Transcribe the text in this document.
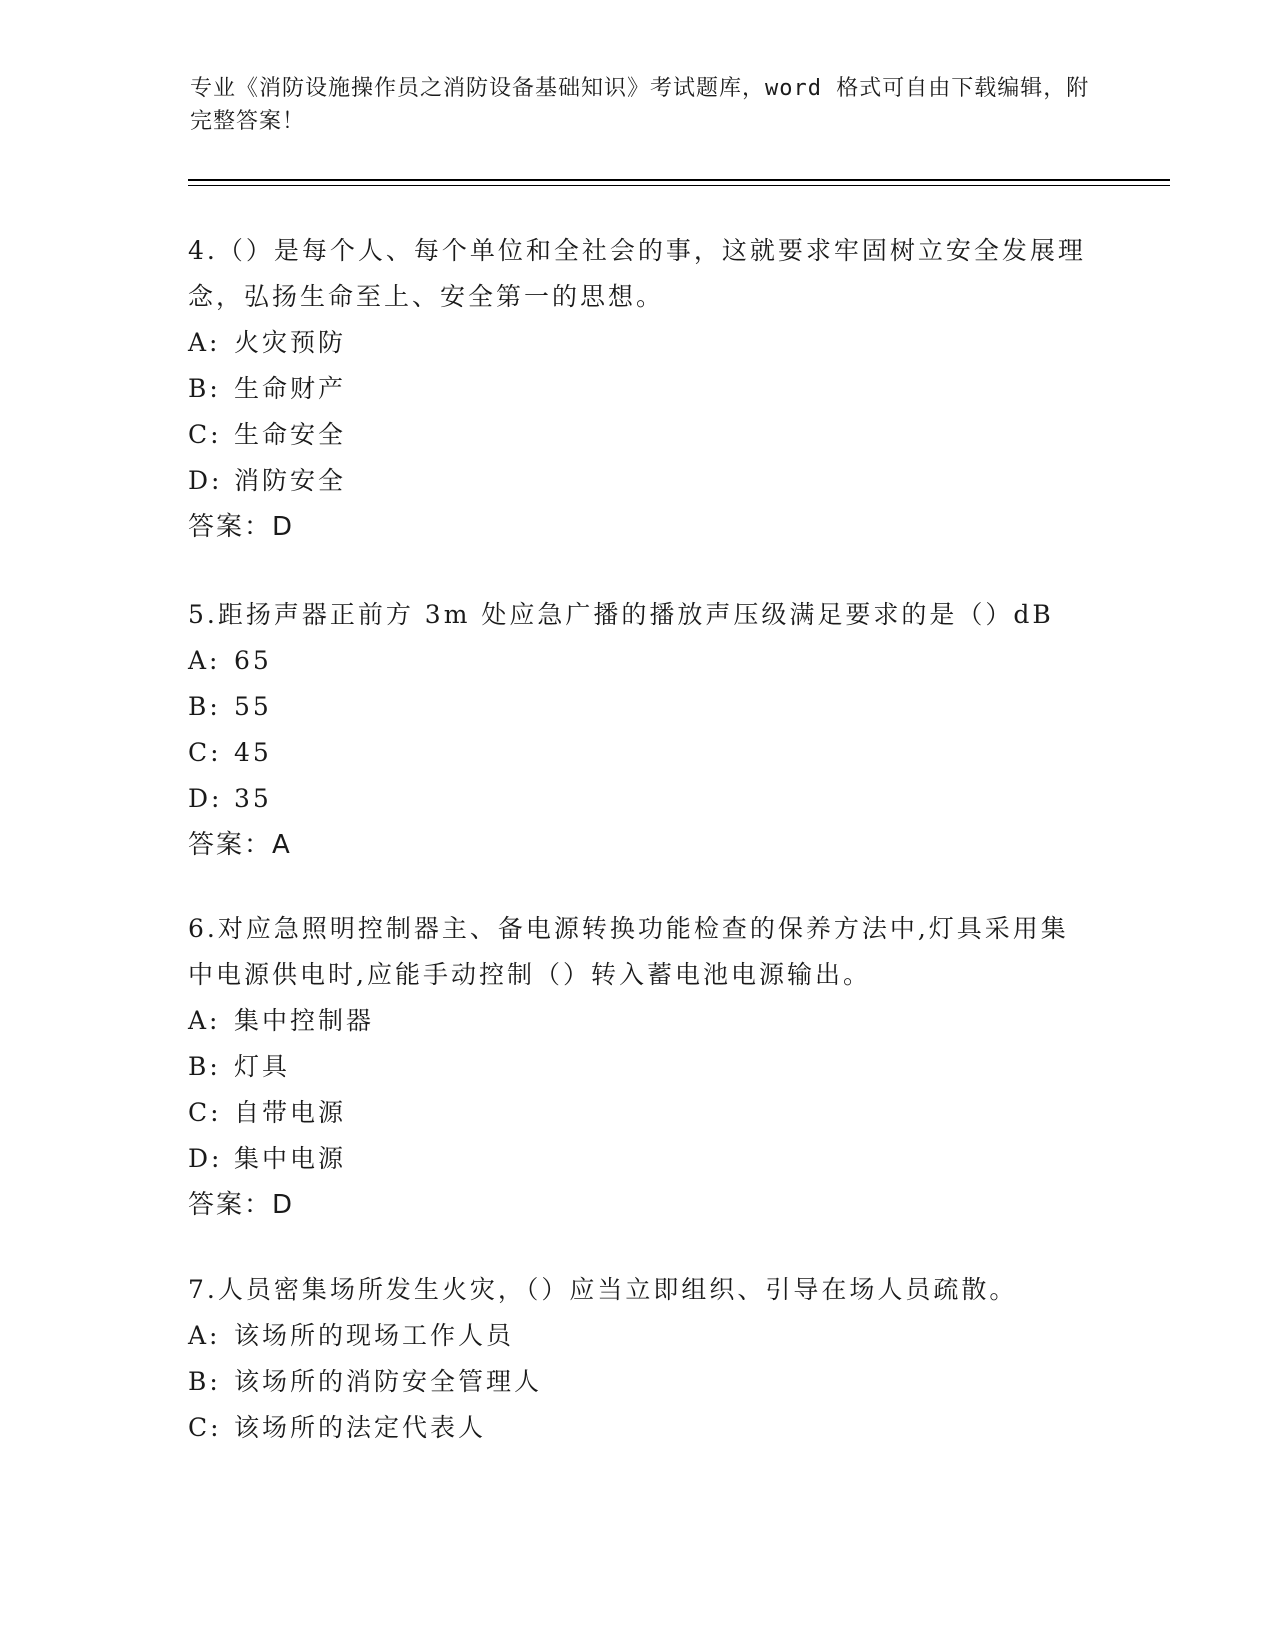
专业《消防设施操作员之消防设备基础知识》考试题库，word 格式可自由下载编辑，附完整答案！

4.（）是每个人、每个单位和全社会的事，这就要求牢固树立安全发展理念，弘扬生命至上、安全第一的思想。

A: 火灾预防

B: 生命财产

C: 生命安全

D: 消防安全

答案：D

5.距扬声器正前方 3m 处应急广播的播放声压级满足要求的是（）dB

A: 65

B: 55

C: 45

D: 35

答案：A

6.对应急照明控制器主、备电源转换功能检查的保养方法中,灯具采用集中电源供电时,应能手动控制（）转入蓄电池电源输出。

A: 集中控制器

B: 灯具

C: 自带电源

D: 集中电源

答案：D

7.人员密集场所发生火灾，（）应当立即组织、引导在场人员疏散。

A: 该场所的现场工作人员

B: 该场所的消防安全管理人

C: 该场所的法定代表人
